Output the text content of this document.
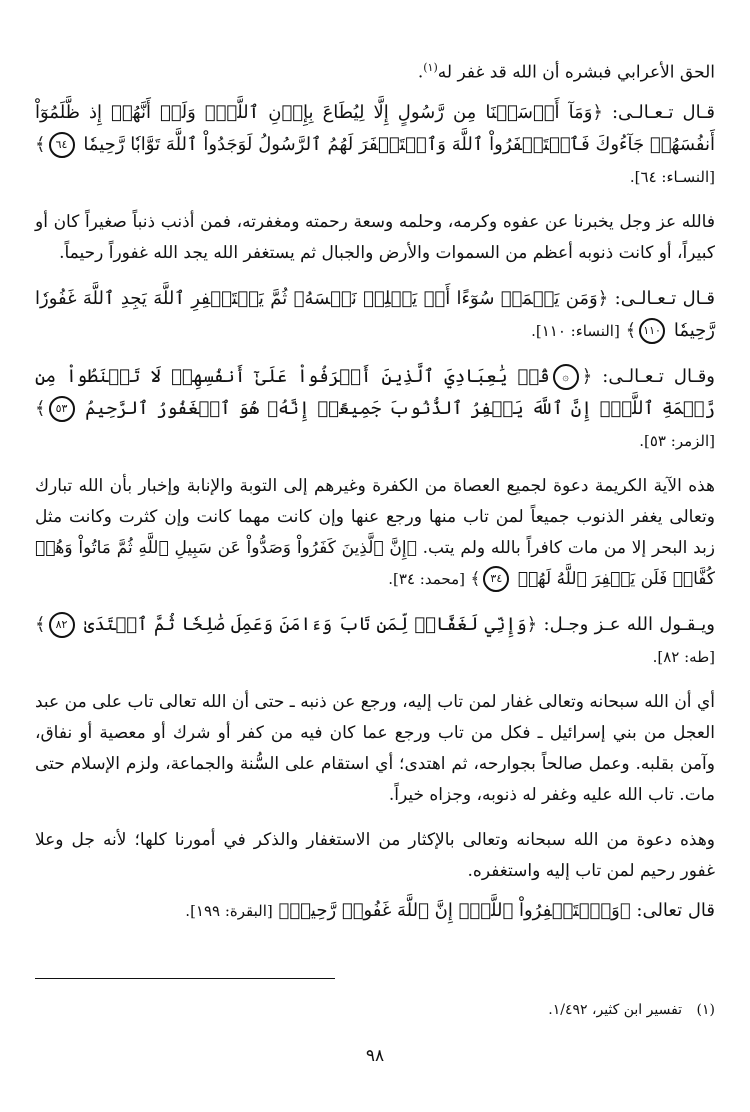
الحق الأعرابي فبشره أن الله قد غفر له$^{(١)}$.

قـال تـعـالـى: ﴿وَمَآ أَرۡسَلۡنَا مِن رَّسُولٍ إِلَّا لِيُطَاعَ بِإِذۡنِ ٱللَّهِۚ وَلَوۡ أَنَّهُمۡ إِذ ظَّلَمُوٓاْ أَنفُسَهُمۡ جَآءُوكَ فَٱسۡتَغۡفَرُواْ ٱللَّهَ وَٱسۡتَغۡفَرَ لَهُمُ ٱلرَّسُولُ لَوَجَدُواْ ٱللَّهَ تَوَّابٗا رَّحِيمٗا ٦٤﴾ [النسـاء: ٦٤].

فالله عز وجل يخبرنا عن عفوه وكرمه، وحلمه وسعة رحمته ومغفرته، فمن أذنب ذنباً صغيراً كان أو كبيراً، أو كانت ذنوبه أعظم من السموات والأرض والجبال ثم يستغفر الله يجد الله غفوراً رحيماً.

قـال تـعـالـى: ﴿وَمَن يَعۡمَلۡ سُوٓءًا أَوۡ يَظۡلِمۡ نَفۡسَهُۥ ثُمَّ يَسۡتَغۡفِرِ ٱللَّهَ يَجِدِ ٱللَّهَ غَفُورٗا رَّحِيمٗا ١١٠﴾ [النساء: ١١٠].

وقـال تـعـالـى: ﴿۞قُلۡ يَٰعِبَادِيَ ٱلَّذِينَ أَسۡرَفُواْ عَلَىٰٓ أَنفُسِهِمۡ لَا تَقۡنَطُواْ مِن رَّحۡمَةِ ٱللَّهِۚ إِنَّ ٱللَّهَ يَغۡفِرُ ٱلذُّنُوبَ جَمِيعًاۚ إِنَّهُۥ هُوَ ٱلۡغَفُورُ ٱلرَّحِيمُ ٥٣﴾ [الزمر: ٥٣].

هذه الآية الكريمة دعوة لجميع العصاة من الكفرة وغيرهم إلى التوبة والإنابة وإخبار بأن الله تبارك وتعالى يغفر الذنوب جميعاً لمن تاب منها ورجع عنها وإن كانت مهما كانت وإن كثرت وكانت مثل زبد البحر إلا من مات كافراً بالله ولم يتب. ﴿إِنَّ ٱلَّذِينَ كَفَرُواْ وَصَدُّواْ عَن سَبِيلِ ٱللَّهِ ثُمَّ مَاتُواْ وَهُمۡ كُفَّارٞ فَلَن يَغۡفِرَ ٱللَّهُ لَهُمۡ ٣٤﴾ [محمد: ٣٤].

ويـقـول الله عـز وجـل: ﴿وَإِنِّي لَغَفَّارٞ لِّمَن تَابَ وَءَامَنَ وَعَمِلَ صَٰلِحٗا ثُمَّ ٱهۡتَدَىٰ ٨٢﴾ [طه: ٨٢].

أي أن الله سبحانه وتعالى غفار لمن تاب إليه، ورجع عن ذنبه ـ حتى أن الله تعالى تاب على من عبد العجل من بني إسرائيل ـ فكل من تاب ورجع عما كان فيه من كفر أو شرك أو معصية أو نفاق، وآمن بقلبه. وعمل صالحاً بجوارحه، ثم اهتدى؛ أي استقام على السُّنة والجماعة، ولزم الإسلام حتى مات. تاب الله عليه وغفر له ذنوبه، وجزاه خيراً.

وهذه دعوة من الله سبحانه وتعالى بالإكثار من الاستغفار والذكر في أمورنا كلها؛ لأنه جل وعلا غفور رحيم لمن تاب إليه واستغفره.

قال تعالى: ﴿وَٱسۡتَغۡفِرُواْ ٱللَّهَۚ إِنَّ ٱللَّهَ غَفُورٞ رَّحِيمٞ﴾ [البقرة: ١٩٩].

(١) تفسير ابن كثير، ١/٤٩٢.
٩٨
